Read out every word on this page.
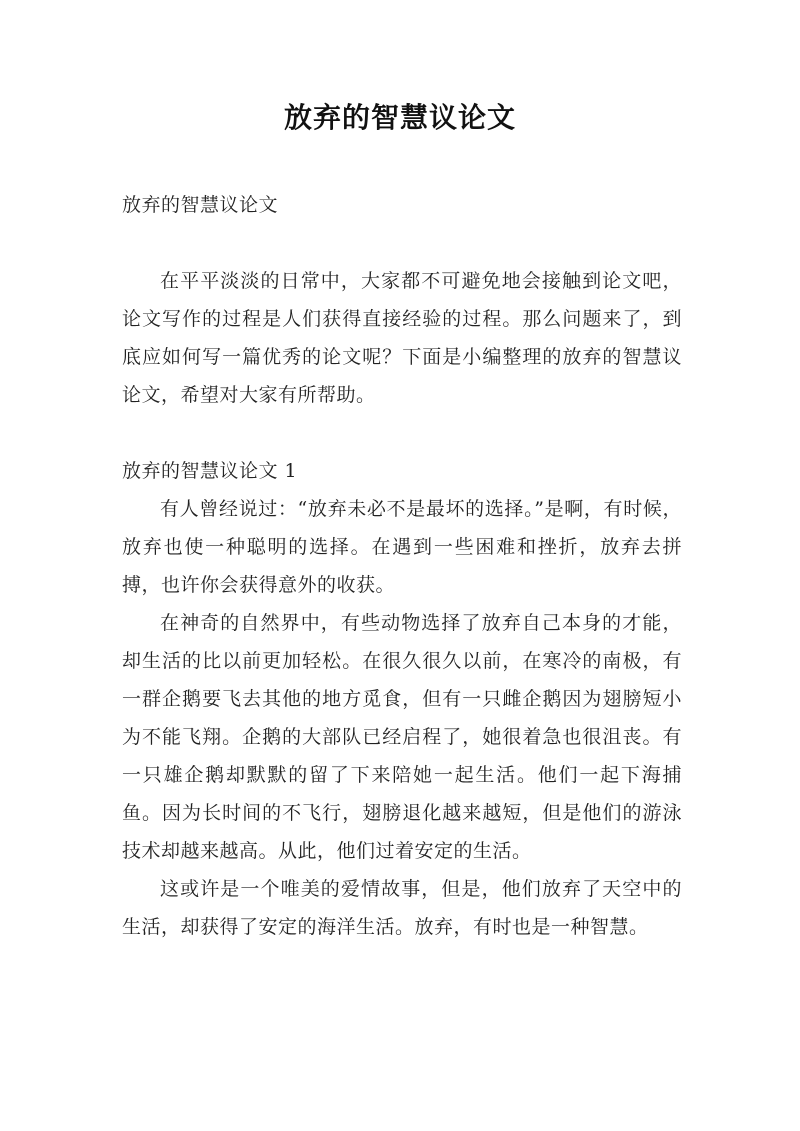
放弃的智慧议论文

放弃的智慧议论文

在平平淡淡的日常中，大家都不可避免地会接触到论文吧，论文写作的过程是人们获得直接经验的过程。那么问题来了，到底应如何写一篇优秀的论文呢？下面是小编整理的放弃的智慧议论文，希望对大家有所帮助。

放弃的智慧议论文 1

有人曾经说过：“放弃未必不是最坏的选择。”是啊，有时候，放弃也使一种聪明的选择。在遇到一些困难和挫折，放弃去拼搏，也许你会获得意外的收获。

在神奇的自然界中，有些动物选择了放弃自己本身的才能，却生活的比以前更加轻松。在很久很久以前，在寒冷的南极，有一群企鹅要飞去其他的地方觅食，但有一只雌企鹅因为翅膀短小为不能飞翔。企鹅的大部队已经启程了，她很着急也很沮丧。有一只雄企鹅却默默的留了下来陪她一起生活。他们一起下海捕鱼。因为长时间的不飞行，翅膀退化越来越短，但是他们的游泳技术却越来越高。从此，他们过着安定的生活。

这或许是一个唯美的爱情故事，但是，他们放弃了天空中的生活，却获得了安定的海洋生活。放弃，有时也是一种智慧。
